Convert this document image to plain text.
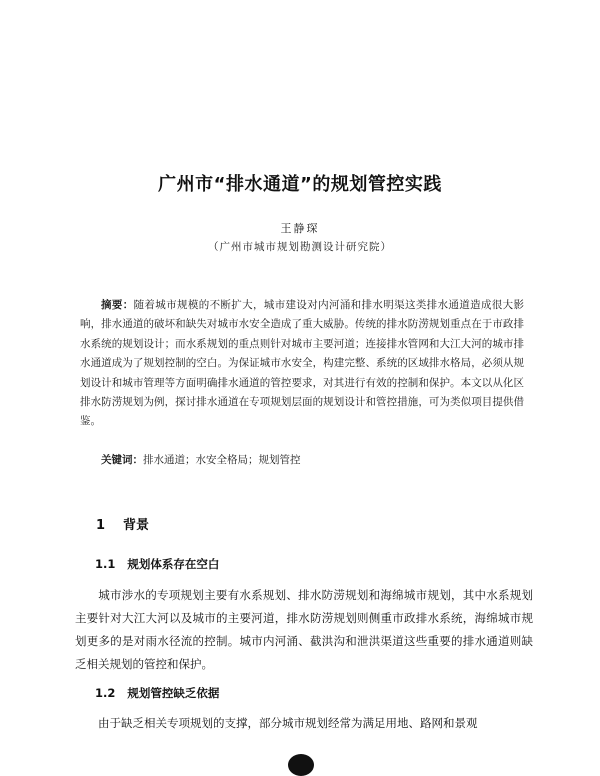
广州市“排水通道”的规划管控实践
王静琛
（广州市城市规划勘测设计研究院）

摘要：随着城市规模的不断扩大，城市建设对内河涌和排水明渠这类排水通道造成很大影响，排水通道的破坏和缺失对城市水安全造成了重大威胁。传统的排水防涝规划重点在于市政排水系统的规划设计；而水系规划的重点则针对城市主要河道；连接排水管网和大江大河的城市排水通道成为了规划控制的空白。为保证城市水安全，构建完整、系统的区域排水格局，必须从规划设计和城市管理等方面明确排水通道的管控要求，对其进行有效的控制和保护。本文以从化区排水防涝规划为例，探讨排水通道在专项规划层面的规划设计和管控措施，可为类似项目提供借鉴。

关键词：排水通道；水安全格局；规划管控
1 背景
1.1 规划体系存在空白

城市涉水的专项规划主要有水系规划、排水防涝规划和海绵城市规划，其中水系规划主要针对大江大河以及城市的主要河道，排水防涝规划则侧重市政排水系统，海绵城市规划更多的是对雨水径流的控制。城市内河涌、截洪沟和泄洪渠道这些重要的排水通道则缺乏相关规划的管控和保护。

1.2 规划管控缺乏依据

由于缺乏相关专项规划的支撑，部分城市规划经常为满足用地、路网和景观
